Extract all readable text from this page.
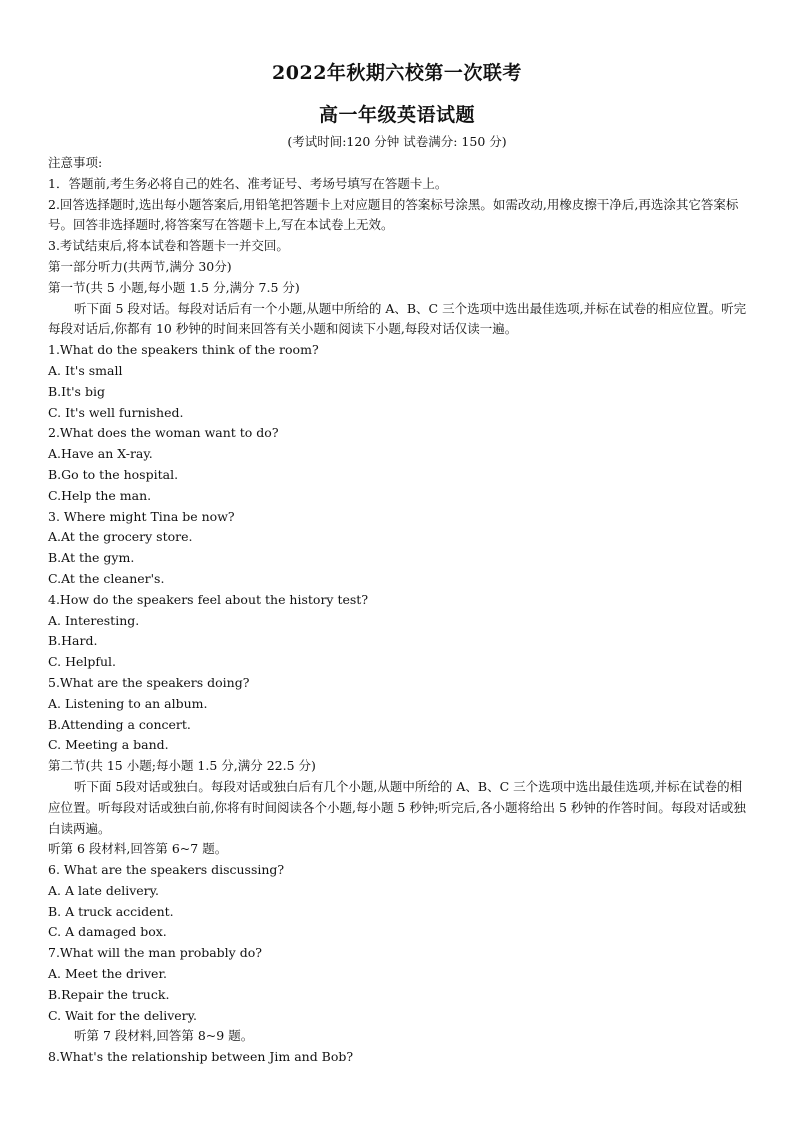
2022年秋期六校第一次联考
高一年级英语试题
(考试时间:120 分钟 试卷满分: 150 分)
注意事项:
1．答题前,考生务必将自己的姓名、准考证号、考场号填写在答题卡上。
2.回答选择题时,选出每小题答案后,用铅笔把答题卡上对应题目的答案标号涂黑。如需改动,用橡皮擦干净后,再选涂其它答案标号。回答非选择题时,将答案写在答题卡上,写在本试卷上无效。
3.考试结束后,将本试卷和答题卡一并交回。
第一部分听力(共两节,满分 30分)
第一节(共 5 小题,每小题 1.5 分,满分 7.5 分)
听下面 5 段对话。每段对话后有一个小题,从题中所给的 A、B、C 三个选项中选出最佳选项,并标在试卷的相应位置。听完每段对话后,你都有 10 秒钟的时间来回答有关小题和阅读下小题,每段对话仅读一遍。
1.What do the speakers think of the room?
A. It's small
B.It's big
C. It's well furnished.
2.What does the woman want to do?
A.Have an X-ray.
B.Go to the hospital.
C.Help the man.
3. Where might Tina be now?
A.At the grocery store.
B.At the gym.
C.At the cleaner's.
4.How do the speakers feel about the history test?
A. Interesting.
B.Hard.
C. Helpful.
5.What are the speakers doing?
A. Listening to an album.
B.Attending a concert.
C. Meeting a band.
第二节(共 15 小题;每小题 1.5 分,满分 22.5 分)
听下面 5段对话或独白。每段对话或独白后有几个小题,从题中所给的 A、B、C 三个选项中选出最佳选项,并标在试卷的相应位置。听每段对话或独白前,你将有时间阅读各个小题,每小题 5 秒钟;听完后,各小题将给出 5 秒钟的作答时间。每段对话或独白读两遍。
听第 6 段材料,回答第 6~7 题。
6. What are the speakers discussing?
A. A late delivery.
B. A truck accident.
C. A damaged box.
7.What will the man probably do?
A. Meet the driver.
B.Repair the truck.
C. Wait for the delivery.
听第 7 段材料,回答第 8~9 题。
8.What's the relationship between Jim and Bob?
